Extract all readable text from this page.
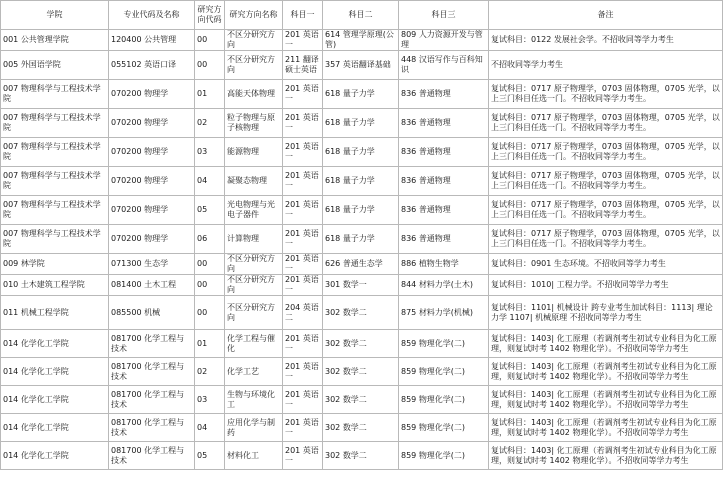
学院	专业代码及名称	研究方向代码	研究方向名称	科目一	科目二	科目三	备注
001 公共管理学院	120400 公共管理	00	不区分研究方向	201 英语一	614 管理学原理(公管)	809 人力资源开发与管理	复试科目：0122 发展社会学。不招收同等学力考生
005 外国语学院	055102 英语口译	00	不区分研究方向	211 翻译硕士英语	357 英语翻译基础	448 汉语写作与百科知识	不招收同等学力考生
007 物理科学与工程技术学院	070200 物理学	01	高能天体物理	201 英语一	618 量子力学	836 普通物理	复试科目：0717 原子物理学，0703 固体物理，0705 光学，以上三门科目任选一门。不招收同等学力考生。
007 物理科学与工程技术学院	070200 物理学	02	粒子物理与原子核物理	201 英语一	618 量子力学	836 普通物理	复试科目：0717 原子物理学，0703 固体物理，0705 光学，以上三门科目任选一门。不招收同等学力考生。
007 物理科学与工程技术学院	070200 物理学	03	能源物理	201 英语一	618 量子力学	836 普通物理	复试科目：0717 原子物理学，0703 固体物理，0705 光学，以上三门科目任选一门。不招收同等学力考生。
007 物理科学与工程技术学院	070200 物理学	04	凝聚态物理	201 英语一	618 量子力学	836 普通物理	复试科目：0717 原子物理学，0703 固体物理，0705 光学，以上三门科目任选一门。不招收同等学力考生。
007 物理科学与工程技术学院	070200 物理学	05	光电物理与光电子器件	201 英语一	618 量子力学	836 普通物理	复试科目：0717 原子物理学，0703 固体物理，0705 光学，以上三门科目任选一门。不招收同等学力考生。
007 物理科学与工程技术学院	070200 物理学	06	计算物理	201 英语一	618 量子力学	836 普通物理	复试科目：0717 原子物理学，0703 固体物理，0705 光学，以上三门科目任选一门。不招收同等学力考生。
009 林学院	071300 生态学	00	不区分研究方向	201 英语一	626 普通生态学	886 植物生物学	复试科目：0901 生态环境。不招收同等学力考生
010 土木建筑工程学院	081400 土木工程	00	不区分研究方向	201 英语一	301 数学一	844 材料力学(土木)	复试科目：1010| 工程力学。不招收同等学力考生
011 机械工程学院	085500 机械	00	不区分研究方向	204 英语二	302 数学二	875 材料力学(机械)	复试科目：1101| 机械设计 跨专业考生加试科目：1113| 理论力学 1107| 机械原理 不招收同等学力考生
014 化学化工学院	081700 化学工程与技术	01	化学工程与催化	201 英语一	302 数学二	859 物理化学(二)	复试科目：1403| 化工原理（若调剂考生初试专业科目为化工原理，则复试时考 1402 物理化学）。不招收同等学力考生
014 化学化工学院	081700 化学工程与技术	02	化学工艺	201 英语一	302 数学二	859 物理化学(二)	复试科目：1403| 化工原理（若调剂考生初试专业科目为化工原理，则复试时考 1402 物理化学）。不招收同等学力考生
014 化学化工学院	081700 化学工程与技术	03	生物与环境化工	201 英语一	302 数学二	859 物理化学(二)	复试科目：1403| 化工原理（若调剂考生初试专业科目为化工原理，则复试时考 1402 物理化学）。不招收同等学力考生
014 化学化工学院	081700 化学工程与技术	04	应用化学与制药	201 英语一	302 数学二	859 物理化学(二)	复试科目：1403| 化工原理（若调剂考生初试专业科目为化工原理，则复试时考 1402 物理化学）。不招收同等学力考生
014 化学化工学院	081700 化学工程与技术	05	材料化工	201 英语一	302 数学二	859 物理化学(二)	复试科目：1403| 化工原理（若调剂考生初试专业科目为化工原理，则复试时考 1402 物理化学）。不招收同等学力考生
